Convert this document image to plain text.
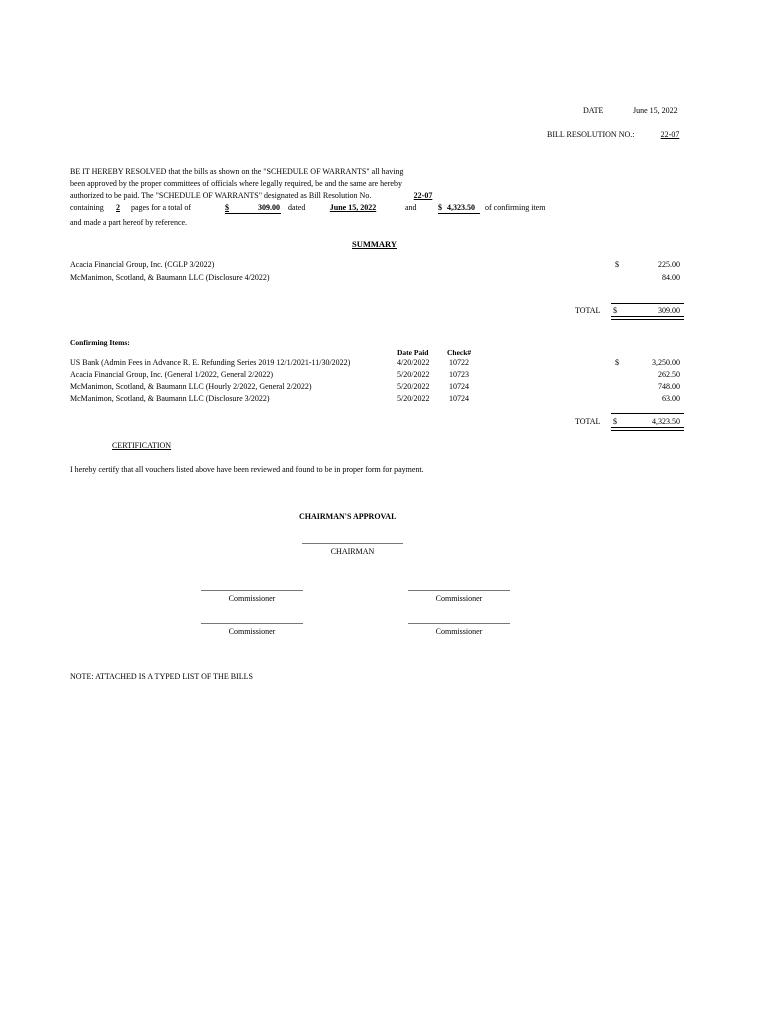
DATE	June 15, 2022
BILL RESOLUTION NO.:	22-07
BE IT HEREBY RESOLVED that the bills as shown on the "SCHEDULE OF WARRANTS" all having
been approved by the proper committees of officials where legally required, be and the same are hereby
authorized to be paid. The "SCHEDULE OF WARRANTS" designated as Bill Resolution No.	22-07
containing	2	pages for a total of	$	309.00 dated	June 15, 2022	and	$ 4,323.50 of confirming item
and made a part hereof by reference.
SUMMARY
Acacia Financial Group, Inc. (CGLP 3/2022)	$	225.00
McManimon, Scotland, & Baumann LLC (Disclosure 4/2022)	84.00
TOTAL $	309.00
Confirming Items:
Date Paid Check#
US Bank (Admin Fees in Advance R. E. Refunding Series 2019 12/1/2021-11/30/2022)	4/20/2022 10722	$	3,250.00
Acacia Financial Group, Inc. (General 1/2022, General 2/2022)	5/20/2022 10723	262.50
McManimon, Scotland, & Baumann LLC (Hourly 2/2022, General 2/2022)	5/20/2022 10724	748.00
McManimon, Scotland, & Baumann LLC (Disclosure 3/2022)	5/20/2022 10724	63.00
TOTAL $	4,323.50
CERTIFICATION
I hereby certify that all vouchers listed above have been reviewed and found to be in proper form for payment.
CHAIRMAN'S APPROVAL
CHAIRMAN
Commissioner	Commissioner
Commissioner	Commissioner
NOTE: ATTACHED IS A TYPED LIST OF THE BILLS
